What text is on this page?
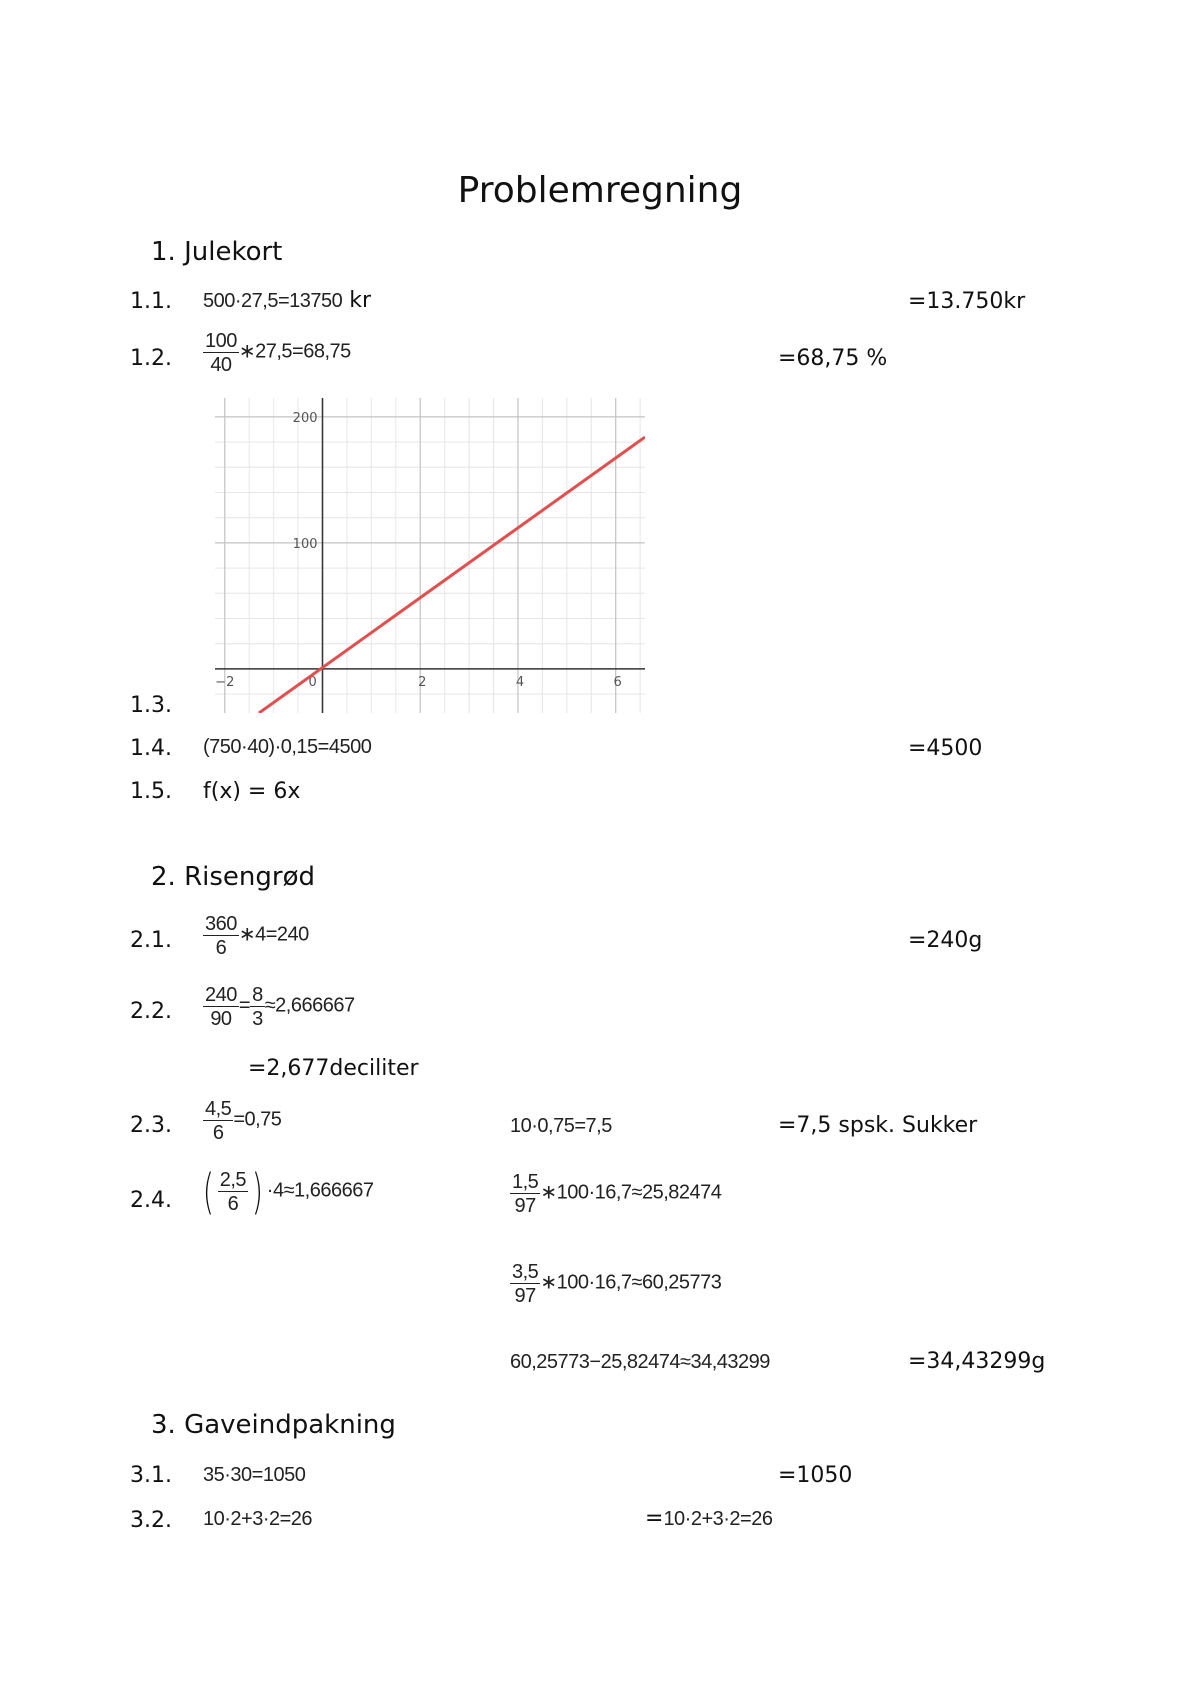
Problemregning
1. Julekort
1.1. 500·27,5=13750 kr	=13.750kr
1.2. $\frac{100}{40}$ ∗27,5=68,75	=68,75 %
−2	0	2	4	6
100
200
1.3.
1.4. (750·40)·0,15=4500	=4500
1.5. f(x) = 6x
2. Risengrød
2.1. $\frac{360}{6}$ ∗4=240	=240g
2.2. $\frac{240}{90} = \frac{8}{3} \approx 2,666667$
=2,677deciliter
2.3. $\frac{4,5}{6} =0,75$	10·0,75=7,5	=7,5 spsk. Sukker
2.4. ( $\frac{2,5}{6}$ ) ·4≈1,666667	$\frac{1,5}{97}$ ∗100·16,7≈25,82474
$\frac{3,5}{97}$ ∗100·16,7≈60,25773
60,25773−25,82474≈34,43299	=34,43299g
3. Gaveindpakning
3.1. 35·30=1050	=1050
3.2. 10·2+3·2=26	=10·2+3·2=26
